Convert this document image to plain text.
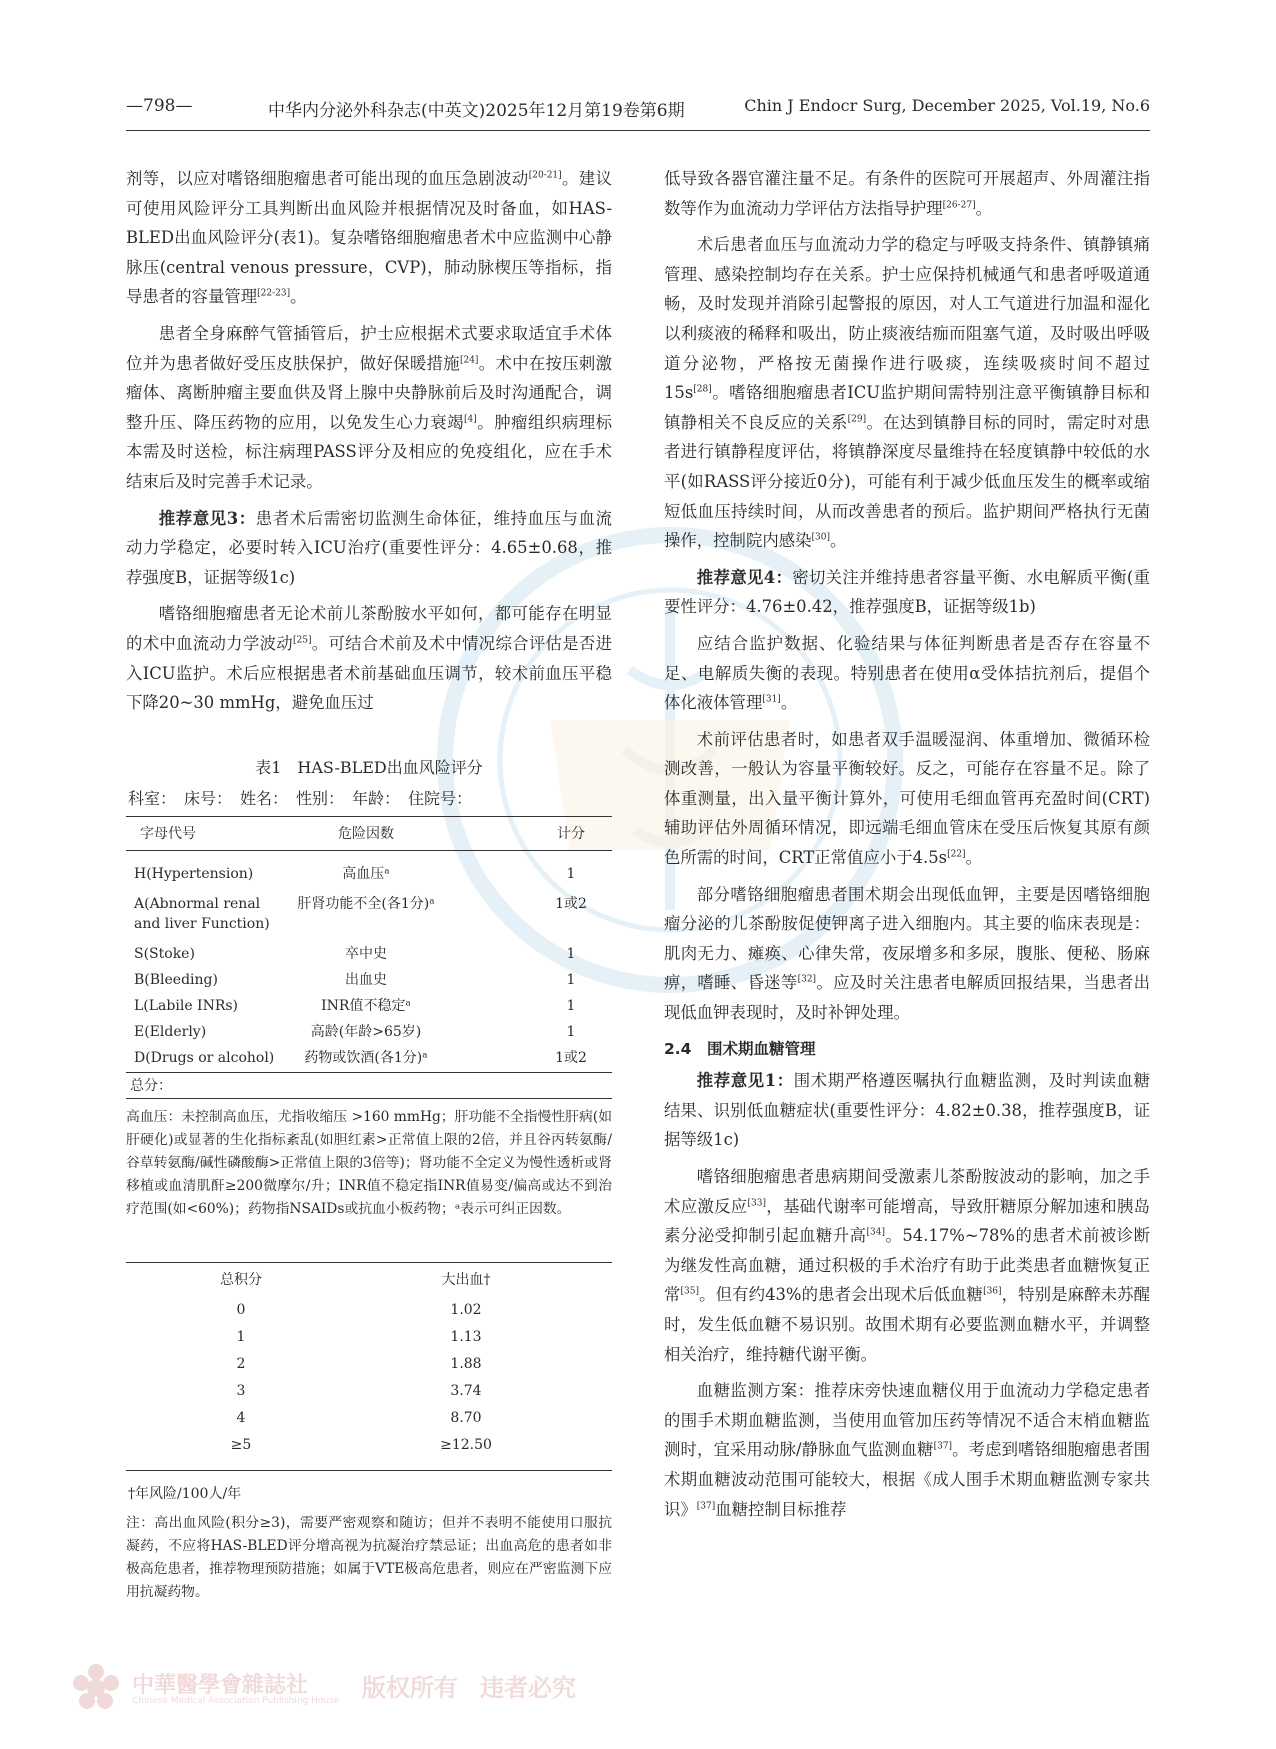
—798—	中华内分泌外科杂志(中英文)2025年12月第19卷第6期	Chin J Endocr Surg, December 2025, Vol.19, No.6

剂等，以应对嗜铬细胞瘤患者可能出现的血压急剧波动[20-21]。建议可使用风险评分工具判断出血风险并根据情况及时备血，如HAS-BLED出血风险评分(表1)。复杂嗜铬细胞瘤患者术中应监测中心静脉压(central venous pressure，CVP)，肺动脉楔压等指标，指导患者的容量管理[22-23]。

患者全身麻醉气管插管后，护士应根据术式要求取适宜手术体位并为患者做好受压皮肤保护，做好保暖措施[24]。术中在按压刺激瘤体、离断肿瘤主要血供及肾上腺中央静脉前后及时沟通配合，调整升压、降压药物的应用，以免发生心力衰竭[4]。肿瘤组织病理标本需及时送检，标注病理PASS评分及相应的免疫组化，应在手术结束后及时完善手术记录。

推荐意见3：患者术后需密切监测生命体征，维持血压与血流动力学稳定，必要时转入ICU治疗(重要性评分：4.65±0.68，推荐强度B，证据等级1c)

嗜铬细胞瘤患者无论术前儿茶酚胺水平如何，都可能存在明显的术中血流动力学波动[25]。可结合术前及术中情况综合评估是否进入ICU监护。术后应根据患者术前基础血压调节，较术前血压平稳下降20~30 mmHg，避免血压过

表1　HAS-BLED出血风险评分
科室：　床号：　姓名：　性别：　年龄：　住院号：
字母代号	危险因数	计分
H(Hypertension)	高血压ᵃ	1
A(Abnormal renal
and liver Function)
肝肾功能不全(各1分)ᵃ	1或2
S(Stoke)	卒中史	1
B(Bleeding)	出血史	1
L(Labile INRs)	INR值不稳定ᵃ	1
E(Elderly)	高龄(年龄>65岁)	1
D(Drugs or alcohol)	药物或饮酒(各1分)ᵃ	1或2
总分：
高血压：未控制高血压，尤指收缩压 >160 mmHg；肝功能不全指慢性肝病(如肝硬化)或显著的生化指标紊乱(如胆红素>正常值上限的2倍，并且谷丙转氨酶/谷草转氨酶/碱性磷酸酶>正常值上限的3倍等)；肾功能不全定义为慢性透析或肾移植或血清肌酐≥200微摩尔/升；INR值不稳定指INR值易变/偏高或达不到治疗范围(如<60%)；药物指NSAIDs或抗血小板药物；ᵃ表示可纠正因数。
总积分	大出血†
0	1.02
1	1.13
2	1.88
3	3.74
4	8.70
≥5	≥12.50
†年风险/100人/年
注：高出血风险(积分≥3)，需要严密观察和随访；但并不表明不能使用口服抗凝药，不应将HAS-BLED评分增高视为抗凝治疗禁忌证；出血高危的患者如非极高危患者，推荐物理预防措施；如属于VTE极高危患者，则应在严密监测下应用抗凝药物。

低导致各器官灌注量不足。有条件的医院可开展超声、外周灌注指数等作为血流动力学评估方法指导护理[26-27]。

术后患者血压与血流动力学的稳定与呼吸支持条件、镇静镇痛管理、感染控制均存在关系。护士应保持机械通气和患者呼吸道通畅，及时发现并消除引起警报的原因，对人工气道进行加温和湿化以利痰液的稀释和吸出，防止痰液结痂而阻塞气道，及时吸出呼吸道分泌物，严格按无菌操作进行吸痰，连续吸痰时间不超过15s[28]。嗜铬细胞瘤患者ICU监护期间需特别注意平衡镇静目标和镇静相关不良反应的关系[29]。在达到镇静目标的同时，需定时对患者进行镇静程度评估，将镇静深度尽量维持在轻度镇静中较低的水平(如RASS评分接近0分)，可能有利于减少低血压发生的概率或缩短低血压持续时间，从而改善患者的预后。监护期间严格执行无菌操作，控制院内感染[30]。

推荐意见4：密切关注并维持患者容量平衡、水电解质平衡(重要性评分：4.76±0.42，推荐强度B，证据等级1b)

应结合监护数据、化验结果与体征判断患者是否存在容量不足、电解质失衡的表现。特别患者在使用α受体拮抗剂后，提倡个体化液体管理[31]。

术前评估患者时，如患者双手温暖湿润、体重增加、微循环检测改善，一般认为容量平衡较好。反之，可能存在容量不足。除了体重测量，出入量平衡计算外，可使用毛细血管再充盈时间(CRT)辅助评估外周循环情况，即远端毛细血管床在受压后恢复其原有颜色所需的时间，CRT正常值应小于4.5s[22]。

部分嗜铬细胞瘤患者围术期会出现低血钾，主要是因嗜铬细胞瘤分泌的儿茶酚胺促使钾离子进入细胞内。其主要的临床表现是：肌肉无力、瘫痪、心律失常，夜尿增多和多尿，腹胀、便秘、肠麻痹，嗜睡、昏迷等[32]。应及时关注患者电解质回报结果，当患者出现低血钾表现时，及时补钾处理。

2.4　围术期血糖管理

推荐意见1：围术期严格遵医嘱执行血糖监测，及时判读血糖结果、识别低血糖症状(重要性评分：4.82±0.38，推荐强度B，证据等级1c)

嗜铬细胞瘤患者患病期间受激素儿茶酚胺波动的影响，加之手术应激反应[33]，基础代谢率可能增高，导致肝糖原分解加速和胰岛素分泌受抑制引起血糖升高[34]。54.17%~78%的患者术前被诊断为继发性高血糖，通过积极的手术治疗有助于此类患者血糖恢复正常[35]。但有约43%的患者会出现术后低血糖[36]，特别是麻醉未苏醒时，发生低血糖不易识别。故围术期有必要监测血糖水平，并调整相关治疗，维持糖代谢平衡。

血糖监测方案：推荐床旁快速血糖仪用于血流动力学稳定患者的围手术期血糖监测，当使用血管加压药等情况不适合末梢血糖监测时，宜采用动脉/静脉血气监测血糖[37]。考虑到嗜铬细胞瘤患者围术期血糖波动范围可能较大，根据《成人围手术期血糖监测专家共识》[37]血糖控制目标推荐

中華醫學會雜誌社
Chinese Medical Association Publishing House 版权所有 违者必究
